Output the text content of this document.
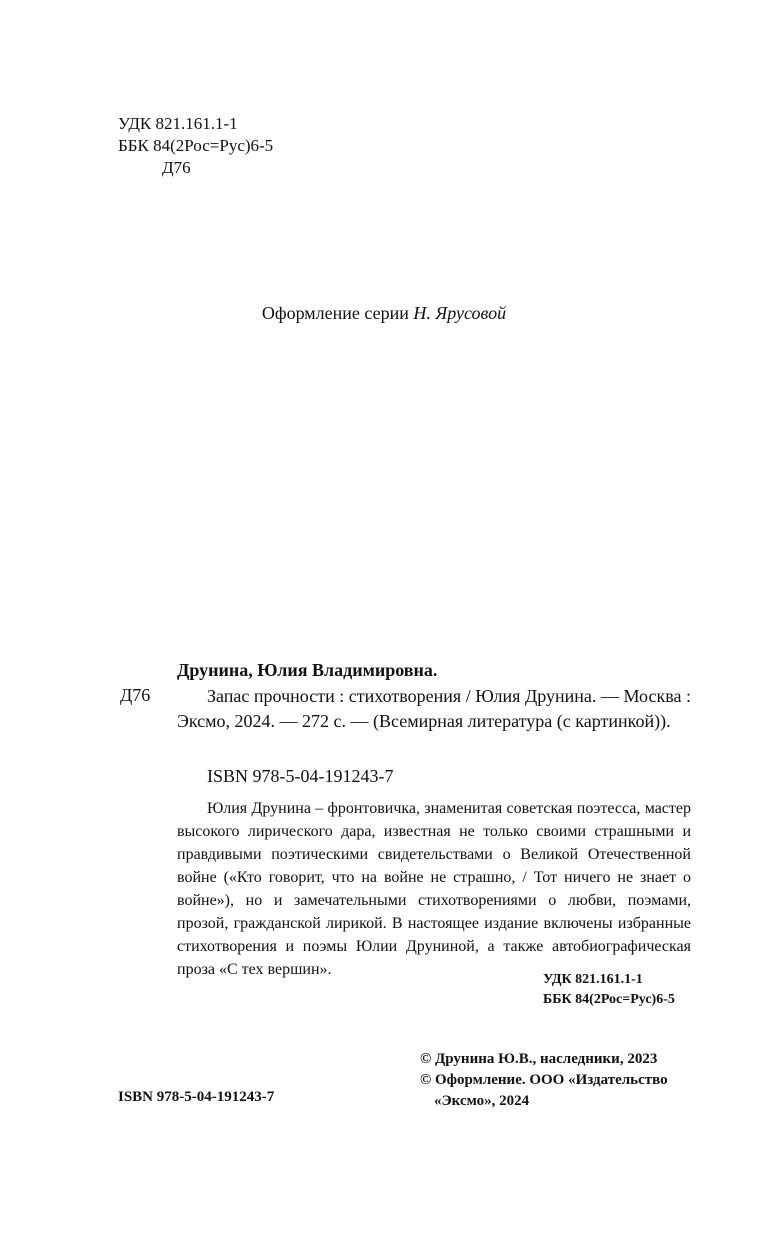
УДК 821.161.1-1
ББК 84(2Рос=Рус)6-5
Д76
Оформление серии Н. Ярусовой
Друнина, Юлия Владимировна.
Д76	Запас прочности : стихотворения / Юлия Друнина. — Москва : Эксмо, 2024. — 272 с. — (Всемирная литература (с картинкой)).
ISBN 978-5-04-191243-7
Юлия Друнина – фронтовичка, знаменитая советская поэтесса, мастер высокого лирического дара, известная не только своими страшными и правдивыми поэтическими свидетельствами о Великой Отечественной войне («Кто говорит, что на войне не страшно, / Тот ничего не знает о войне»), но и замечательными стихотворениями о любви, поэмами, прозой, гражданской лирикой. В настоящее издание включены избранные стихотворения и поэмы Юлии Друниной, а также автобиографическая проза «С тех вершин».
УДК 821.161.1-1
ББК 84(2Рос=Рус)6-5
© Друнина Ю.В., наследники, 2023
© Оформление. ООО «Издательство
«Эксмо», 2024
ISBN 978-5-04-191243-7
